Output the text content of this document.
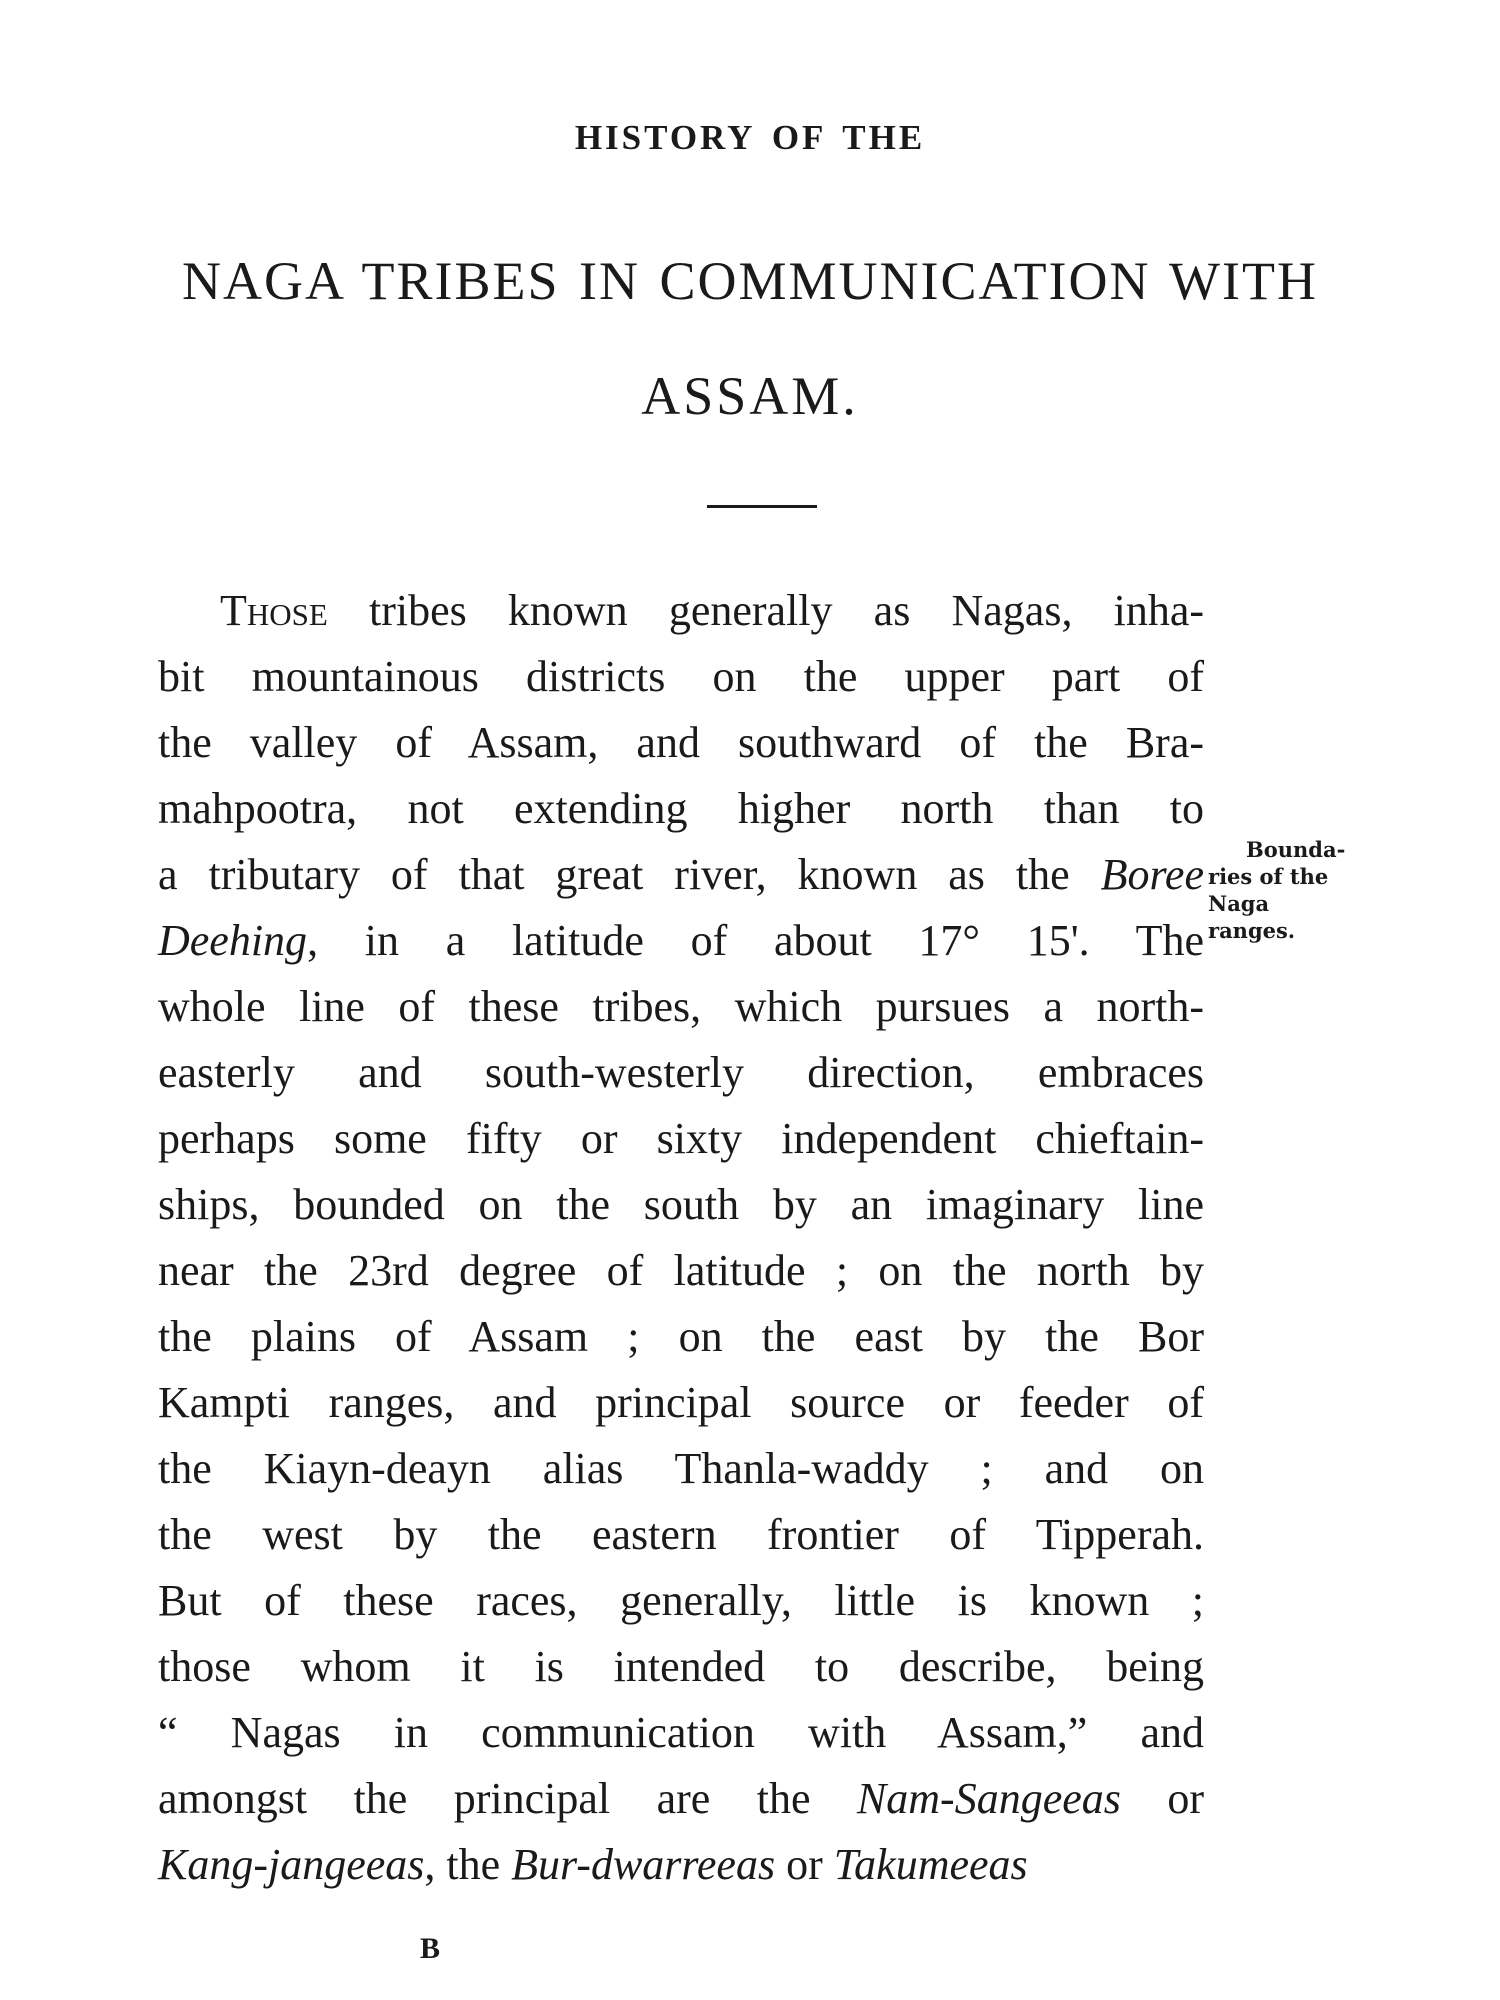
HISTORY OF THE
NAGA TRIBES IN COMMUNICATION WITH
ASSAM.
Those tribes known generally as Nagas, inha-
bit mountainous districts on the upper part of
the valley of Assam, and southward of the Bra-
mahpootra, not extending higher north than to
a tributary of that great river, known as the Boree
Deehing, in a latitude of about 17° 15'. The
whole line of these tribes, which pursues a north-
easterly and south-westerly direction, embraces
perhaps some fifty or sixty independent chieftain-
ships, bounded on the south by an imaginary line
near the 23rd degree of latitude ; on the north by
the plains of Assam ; on the east by the Bor
Kampti ranges, and principal source or feeder of
the Kiayn-deayn alias Thanla-waddy ; and on
the west by the eastern frontier of Tipperah.
But of these races, generally, little is known ;
those whom it is intended to describe, being
“ Nagas in communication with Assam,” and
amongst the principal are the Nam-Sangeeas or
Kang-jangeeas, the Bur-dwarreeas or Takumeeas
Bounda-
ries of the
Naga
ranges.
B
